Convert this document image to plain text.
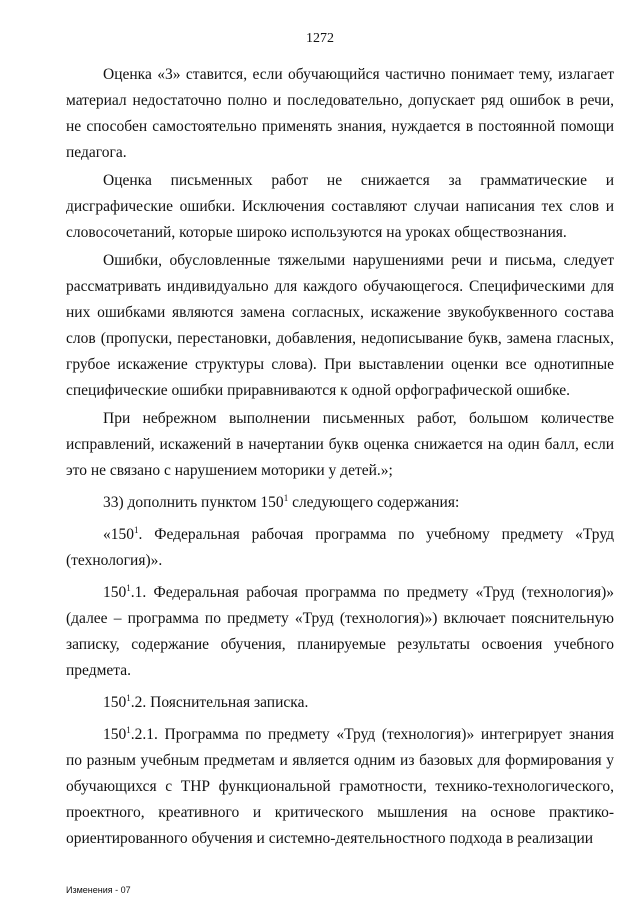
1272

Оценка «3» ставится, если обучающийся частично понимает тему, излагает материал недостаточно полно и последовательно, допускает ряд ошибок в речи, не способен самостоятельно применять знания, нуждается в постоянной помощи педагога.

Оценка письменных работ не снижается за грамматические и дисграфические ошибки. Исключения составляют случаи написания тех слов и словосочетаний, которые широко используются на уроках обществознания.

Ошибки, обусловленные тяжелыми нарушениями речи и письма, следует рассматривать индивидуально для каждого обучающегося. Специфическими для них ошибками являются замена согласных, искажение звукобуквенного состава слов (пропуски, перестановки, добавления, недописывание букв, замена гласных, грубое искажение структуры слова). При выставлении оценки все однотипные специфические ошибки приравниваются к одной орфографической ошибке.

При небрежном выполнении письменных работ, большом количестве исправлений, искажений в начертании букв оценка снижается на один балл, если это не связано с нарушением моторики у детей.»;

33) дополнить пунктом $150^1$ следующего содержания:

«$150^1$. Федеральная рабочая программа по учебному предмету «Труд (технология)».

$150^1.1$. Федеральная рабочая программа по предмету «Труд (технология)» (далее – программа по предмету «Труд (технология)») включает пояснительную записку, содержание обучения, планируемые результаты освоения учебного предмета.

$150^1.2$. Пояснительная записка.

$150^1.2.1$. Программа по предмету «Труд (технология)» интегрирует знания по разным учебным предметам и является одним из базовых для формирования у обучающихся с ТНР функциональной грамотности, технико-технологического, проектного, креативного и критического мышления на основе практико-ориентированного обучения и системно-деятельностного подхода в реализации

Изменения - 07
